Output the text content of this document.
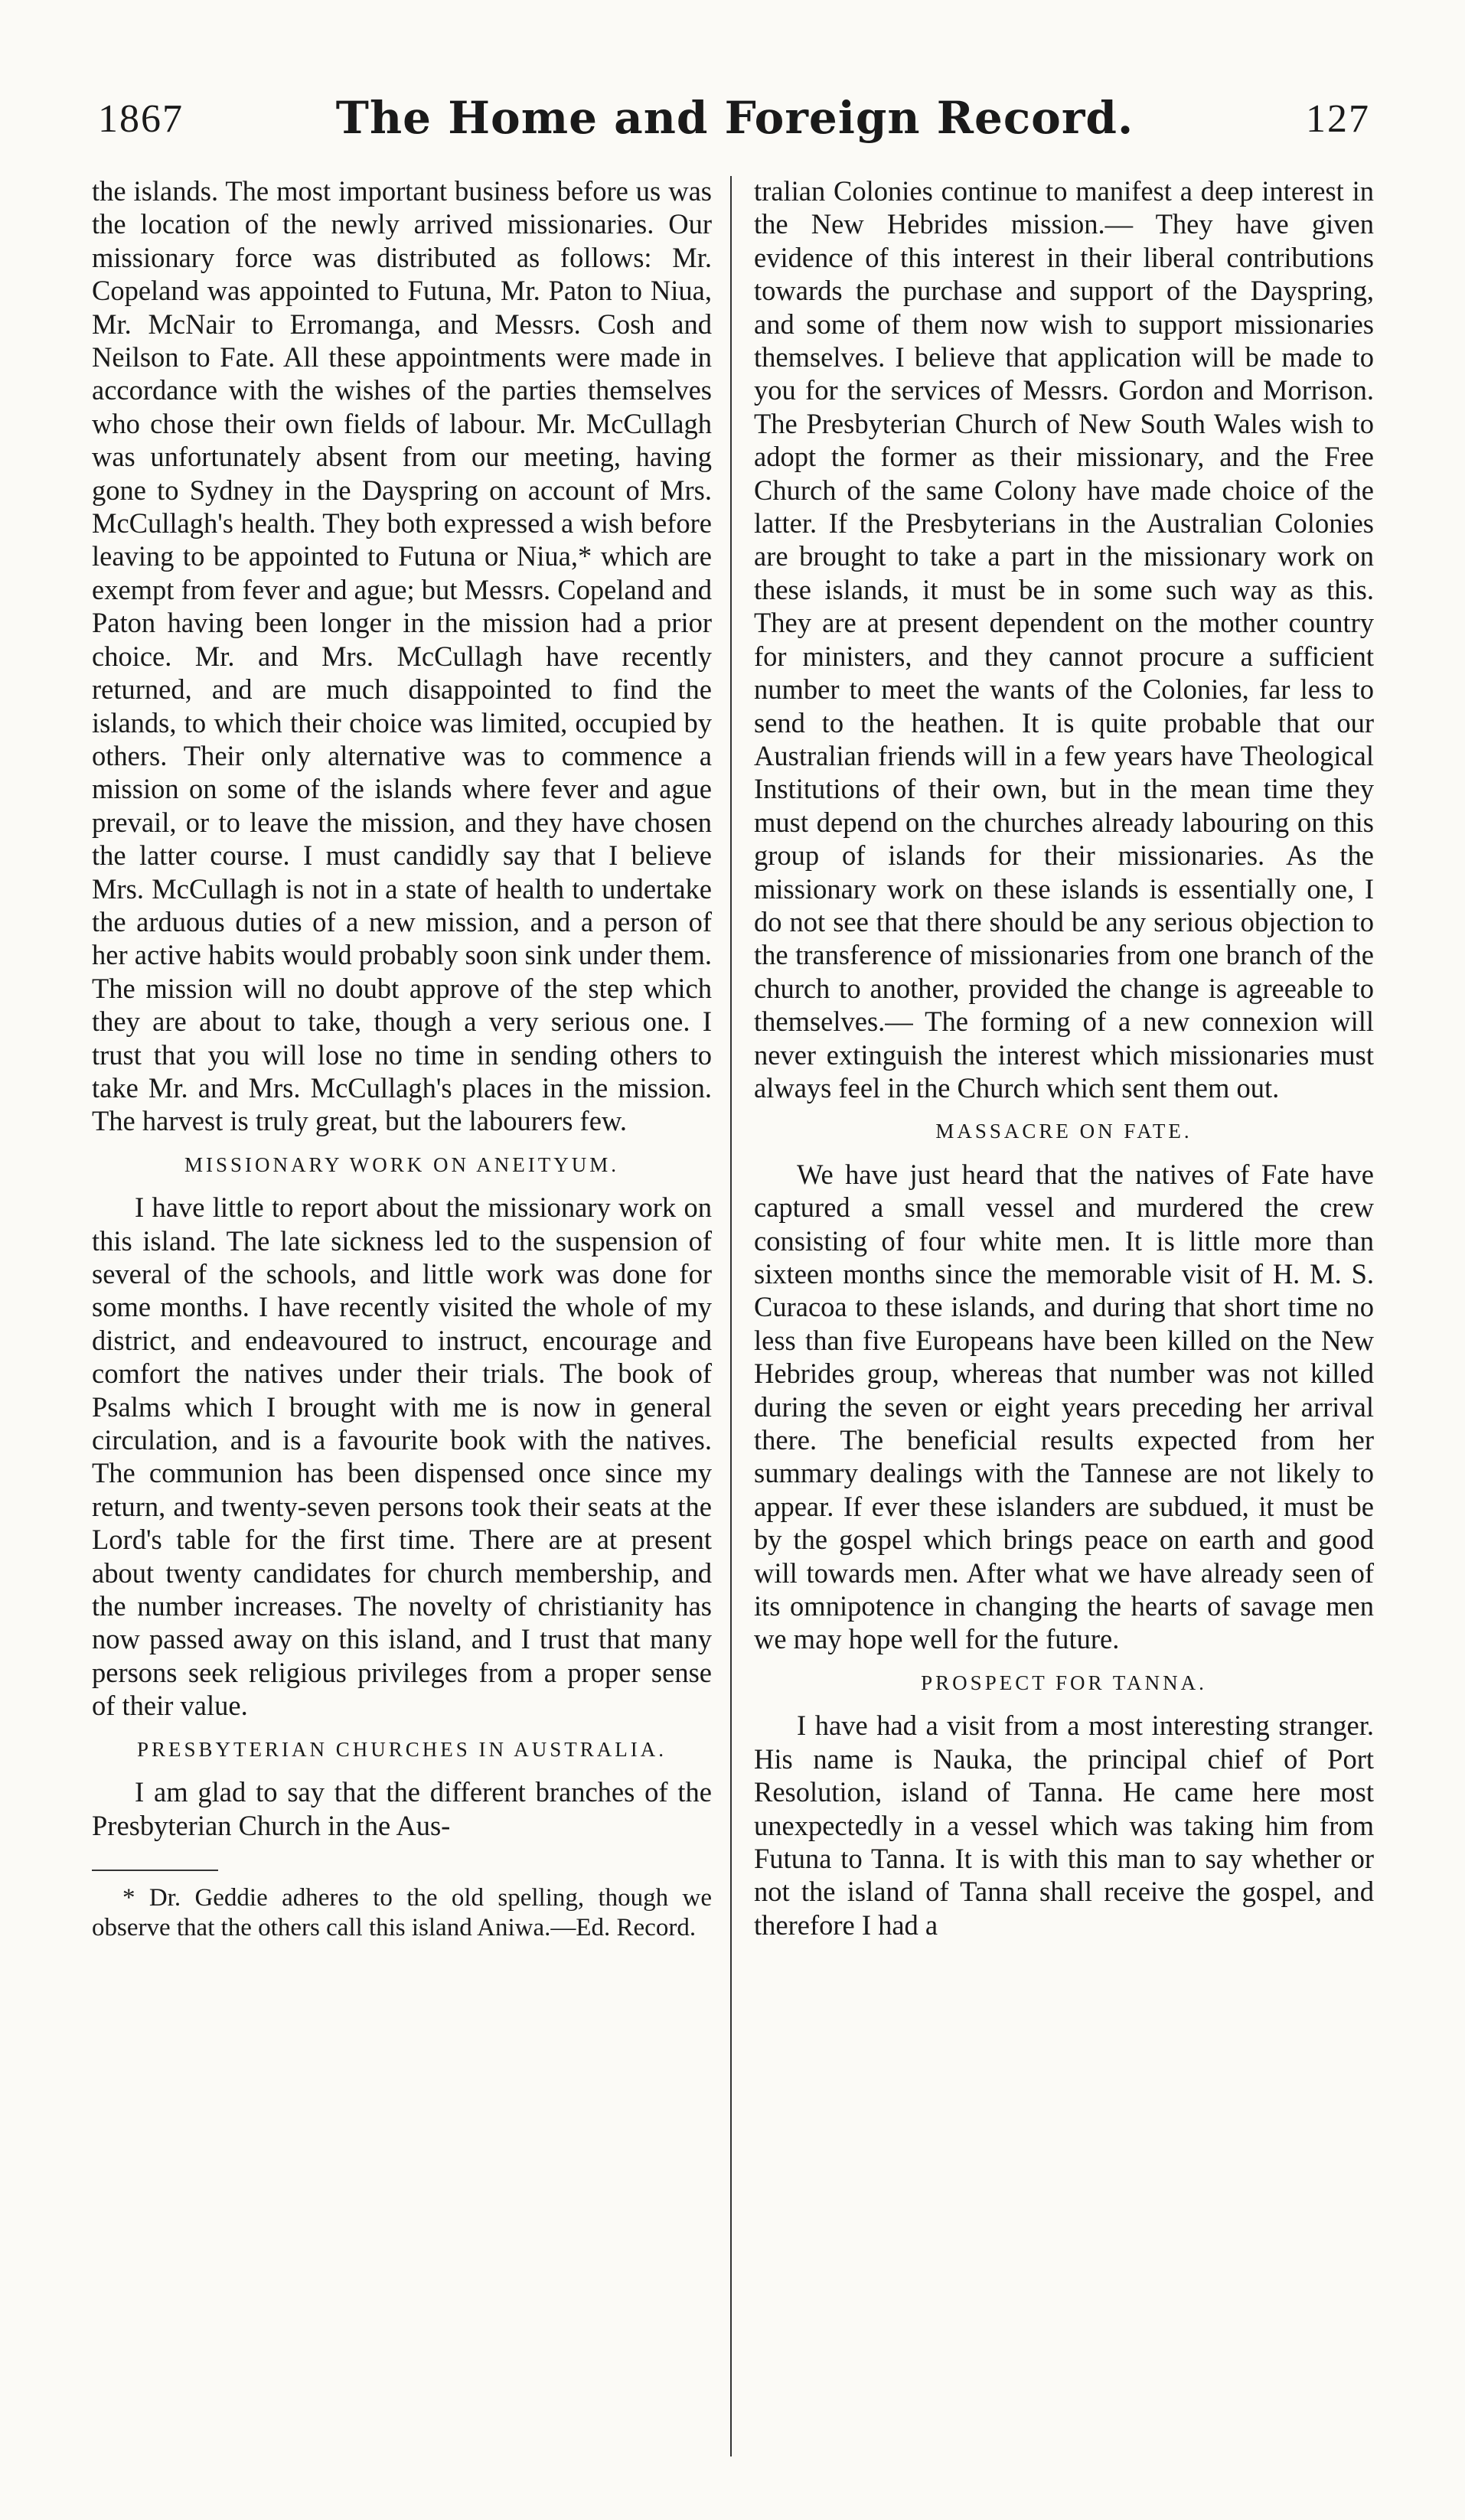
1867	The Home and Foreign Record.	127

the islands. The most important business before us was the location of the newly arrived missionaries. Our missionary force was distributed as follows: Mr. Copeland was appointed to Futuna, Mr. Paton to Niua, Mr. McNair to Erromanga, and Messrs. Cosh and Neilson to Fate. All these appointments were made in accordance with the wishes of the parties themselves who chose their own fields of labour. Mr. McCullagh was unfortunately absent from our meeting, having gone to Sydney in the Dayspring on account of Mrs. McCullagh's health. They both expressed a wish before leaving to be appointed to Futuna or Niua,* which are exempt from fever and ague; but Messrs. Copeland and Paton having been longer in the mission had a prior choice. Mr. and Mrs. McCullagh have recently returned, and are much disappointed to find the islands, to which their choice was limited, occupied by others. Their only alternative was to commence a mission on some of the islands where fever and ague prevail, or to leave the mission, and they have chosen the latter course. I must candidly say that I believe Mrs. McCullagh is not in a state of health to undertake the arduous duties of a new mission, and a person of her active habits would probably soon sink under them. The mission will no doubt approve of the step which they are about to take, though a very serious one. I trust that you will lose no time in sending others to take Mr. and Mrs. McCullagh's places in the mission. The harvest is truly great, but the labourers few.

MISSIONARY WORK ON ANEITYUM.

I have little to report about the missionary work on this island. The late sickness led to the suspension of several of the schools, and little work was done for some months. I have recently visited the whole of my district, and endeavoured to instruct, encourage and comfort the natives under their trials. The book of Psalms which I brought with me is now in general circulation, and is a favourite book with the natives. The communion has been dispensed once since my return, and twenty-seven persons took their seats at the Lord's table for the first time. There are at present about twenty candidates for church membership, and the number increases. The novelty of christianity has now passed away on this island, and I trust that many persons seek religious privileges from a proper sense of their value.

PRESBYTERIAN CHURCHES IN AUSTRALIA.

I am glad to say that the different branches of the Presbyterian Church in the Aus-

* Dr. Geddie adheres to the old spelling, though we observe that the others call this island Aniwa.—Ed. Record.

tralian Colonies continue to manifest a deep interest in the New Hebrides mission.— They have given evidence of this interest in their liberal contributions towards the purchase and support of the Dayspring, and some of them now wish to support missionaries themselves. I believe that application will be made to you for the services of Messrs. Gordon and Morrison. The Presbyterian Church of New South Wales wish to adopt the former as their missionary, and the Free Church of the same Colony have made choice of the latter. If the Presbyterians in the Australian Colonies are brought to take a part in the missionary work on these islands, it must be in some such way as this. They are at present dependent on the mother country for ministers, and they cannot procure a sufficient number to meet the wants of the Colonies, far less to send to the heathen. It is quite probable that our Australian friends will in a few years have Theological Institutions of their own, but in the mean time they must depend on the churches already labouring on this group of islands for their missionaries. As the missionary work on these islands is essentially one, I do not see that there should be any serious objection to the transference of missionaries from one branch of the church to another, provided the change is agreeable to themselves.— The forming of a new connexion will never extinguish the interest which missionaries must always feel in the Church which sent them out.

MASSACRE ON FATE.

We have just heard that the natives of Fate have captured a small vessel and murdered the crew consisting of four white men. It is little more than sixteen months since the memorable visit of H. M. S. Curacoa to these islands, and during that short time no less than five Europeans have been killed on the New Hebrides group, whereas that number was not killed during the seven or eight years preceding her arrival there. The beneficial results expected from her summary dealings with the Tannese are not likely to appear. If ever these islanders are subdued, it must be by the gospel which brings peace on earth and good will towards men. After what we have already seen of its omnipotence in changing the hearts of savage men we may hope well for the future.

PROSPECT FOR TANNA.

I have had a visit from a most interesting stranger. His name is Nauka, the principal chief of Port Resolution, island of Tanna. He came here most unexpectedly in a vessel which was taking him from Futuna to Tanna. It is with this man to say whether or not the island of Tanna shall receive the gospel, and therefore I had a
